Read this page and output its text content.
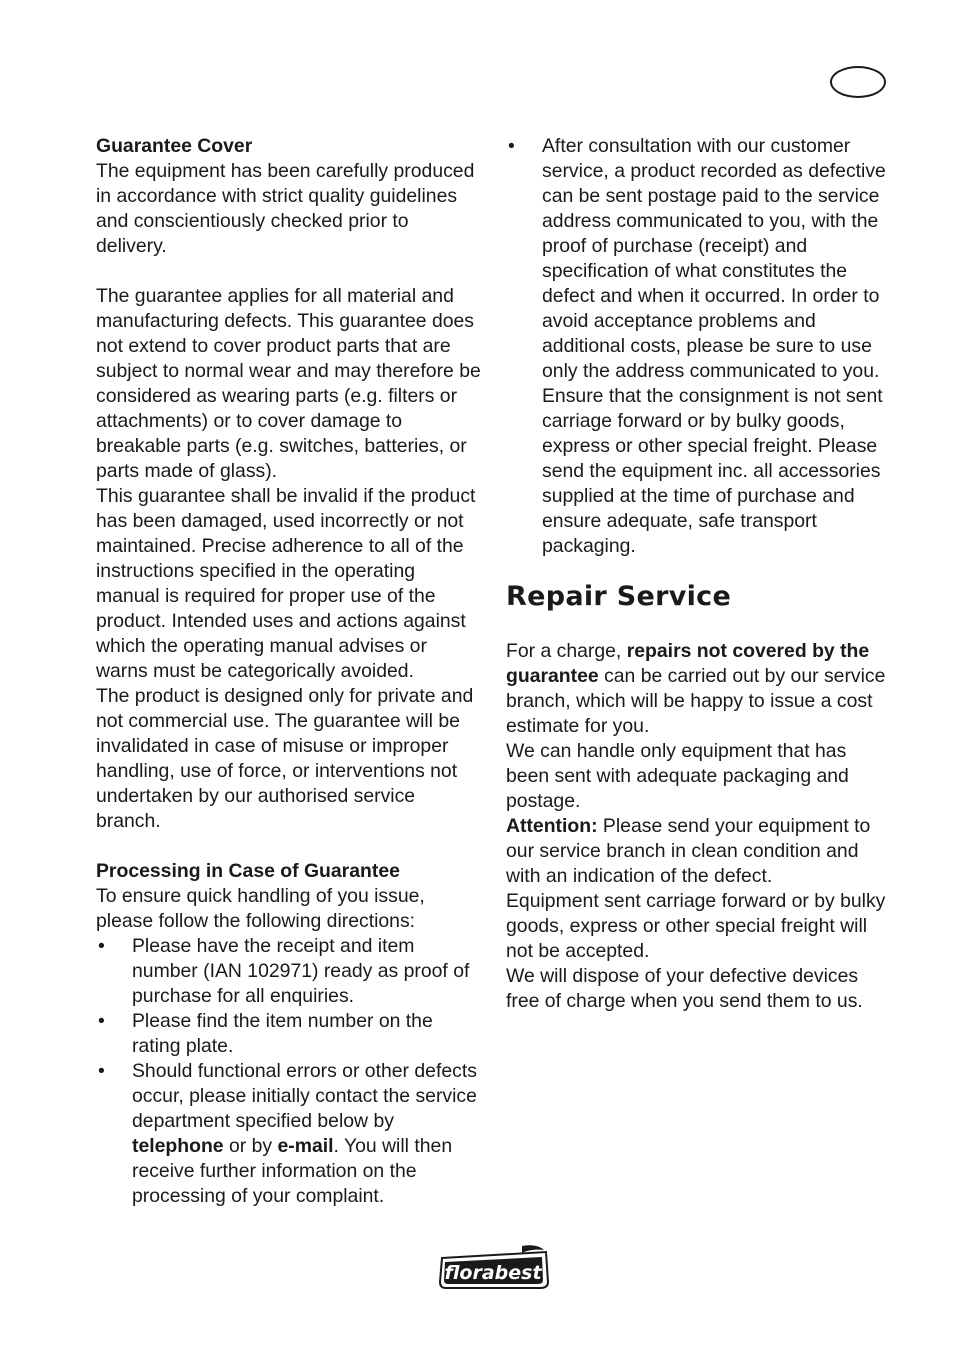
Guarantee Cover

The equipment has been carefully produced in accordance with strict quality guidelines and conscientiously checked prior to delivery.

The guarantee applies for all material and manufacturing defects. This guarantee does not extend to cover product parts that are subject to normal wear and may therefore be considered as wearing parts (e.g. filters or attachments) or to cover damage to breakable parts (e.g. switches, batteries, or parts made of glass).

This guarantee shall be invalid if the product has been damaged, used incorrectly or not maintained. Precise adherence to all of the instructions specified in the operating manual is required for proper use of the product. Intended uses and actions against which the operating manual advises or warns must be categorically avoided.

The product is designed only for private and not commercial use. The guarantee will be invalidated in case of misuse or improper handling, use of force, or interventions not undertaken by our authorised service branch.

Processing in Case of Guarantee

To ensure quick handling of you issue, please follow the following directions:

• Please have the receipt and item number (IAN 102971) ready as proof of purchase for all enquiries.
• Please find the item number on the rating plate.
• Should functional errors or other defects occur, please initially contact the service department specified below by telephone or by e-mail. You will then receive further information on the processing of your complaint.
• After consultation with our customer service, a product recorded as defective can be sent postage paid to the service address communicated to you, with the proof of purchase (receipt) and specification of what constitutes the defect and when it occurred. In order to avoid acceptance problems and additional costs, please be sure to use only the address communicated to you. Ensure that the consignment is not sent carriage forward or by bulky goods, express or other special freight. Please send the equipment inc. all accessories supplied at the time of purchase and ensure adequate, safe transport packaging.

Repair Service

For a charge, repairs not covered by the guarantee can be carried out by our service branch, which will be happy to issue a cost estimate for you.

We can handle only equipment that has been sent with adequate packaging and postage.

Attention: Please send your equipment to our service branch in clean condition and with an indication of the defect.

Equipment sent carriage forward or by bulky goods, express or other special freight will not be accepted.

We will dispose of your defective devices free of charge when you send them to us.

florabest
